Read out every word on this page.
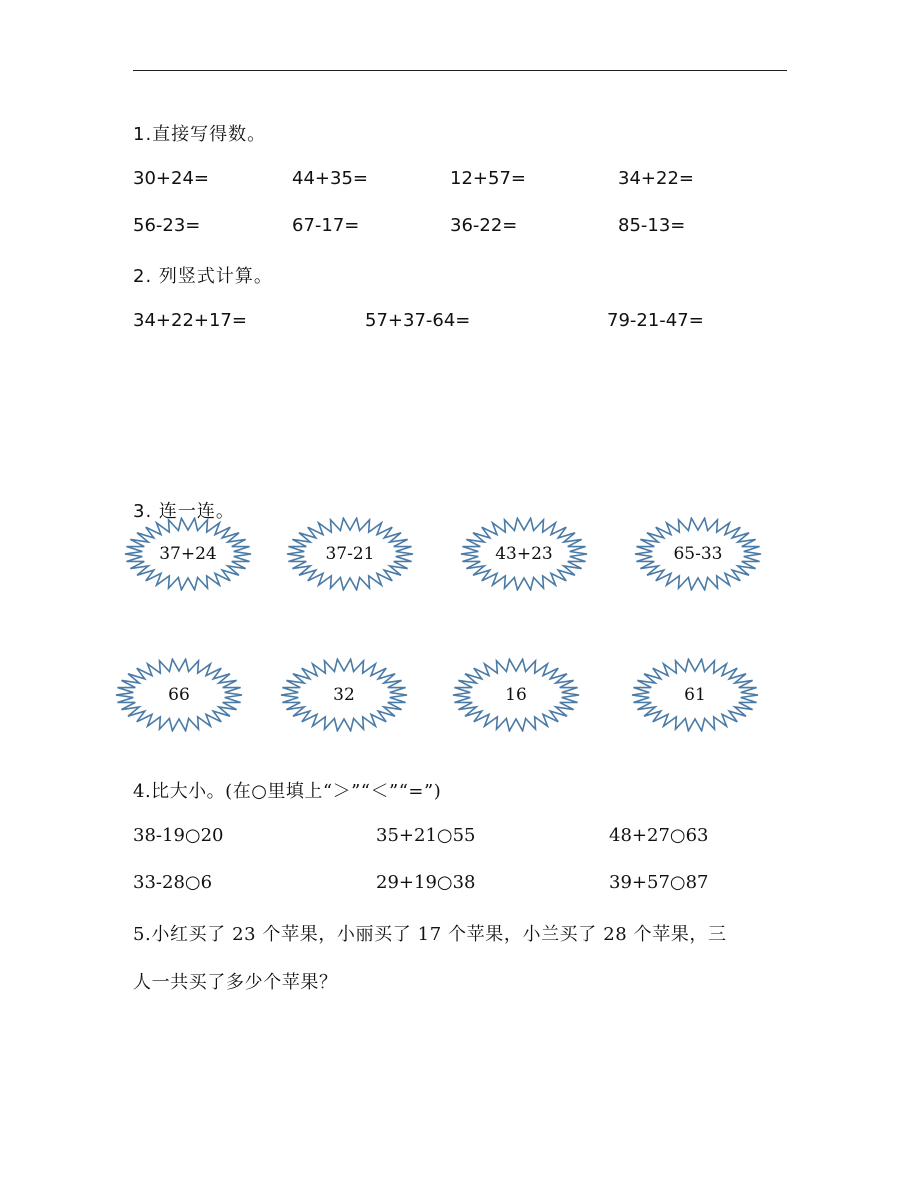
1.直接写得数。
30+24=	44+35=	12+57=	34+22=
56-23=	67-17=	36-22=	85-13=
2. 列竖式计算。
34+22+17=	57+37-64=	79-21-47=
3. 连一连。
37+24	37-21	43+23	65-33
66	32	16	61
4.比大小。(在○里填上“＞”“＜”“=”)
38-19○20	35+21○55	48+27○63
33-28○6	29+19○38	39+57○87
5.小红买了 23 个苹果，小丽买了 17 个苹果，小兰买了 28 个苹果，三
人一共买了多少个苹果？
